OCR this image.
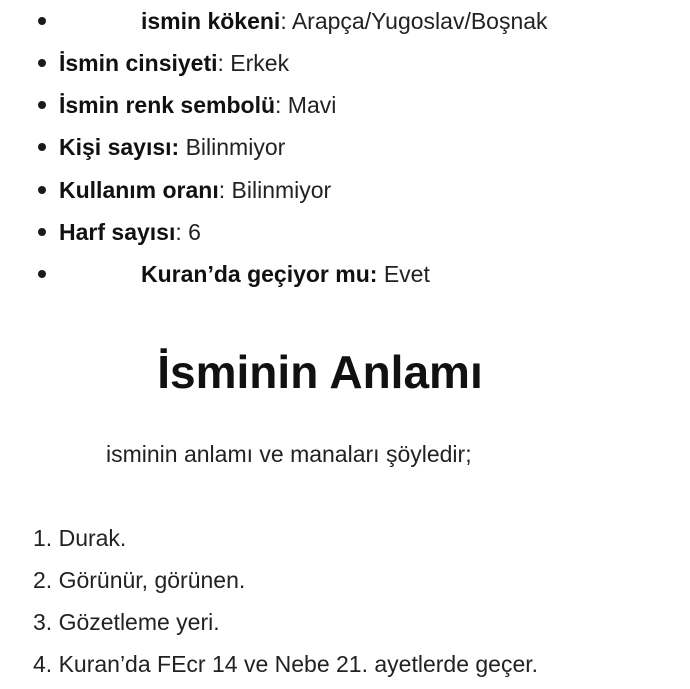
ismin kökeni: Arapça/Yugoslav/Boşnak
İsmin cinsiyeti: Erkek
İsmin renk sembolü: Mavi
Kişi sayısı: Bilinmiyor
Kullanım oranı: Bilinmiyor
Harf sayısı: 6
Kuran’da geçiyor mu: Evet
İsminin Anlamı
isminin anlamı ve manaları şöyledir;
1. Durak.
2. Görünür, görünen.
3. Gözetleme yeri.
4. Kuran’da FEcr 14 ve Nebe 21. ayetlerde geçer.
